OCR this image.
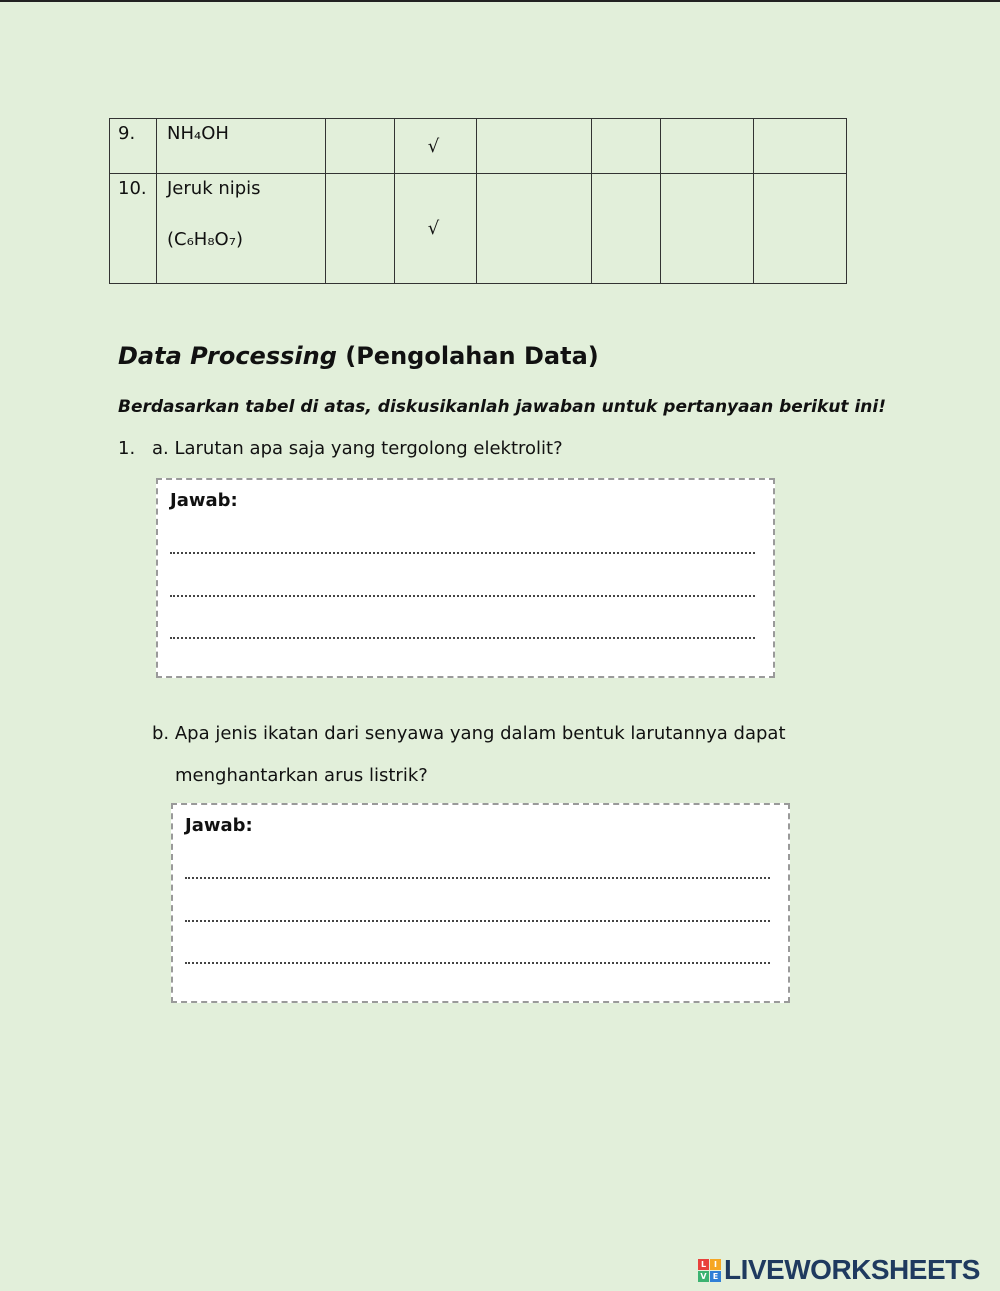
9.	NH₄OH		√				
10.	Jeruk nipis
(C₆H₈O₇)		√				
Data Processing (Pengolahan Data)

Berdasarkan tabel di atas, diskusikanlah jawaban untuk pertanyaan berikut ini!

1. a. Larutan apa saja yang tergolong elektrolit?
Jawab:
b. Apa jenis ikatan dari senyawa yang dalam bentuk larutannya dapat
menghantarkan arus listrik?
Jawab:
L I
V E LIVEWORKSHEETS
